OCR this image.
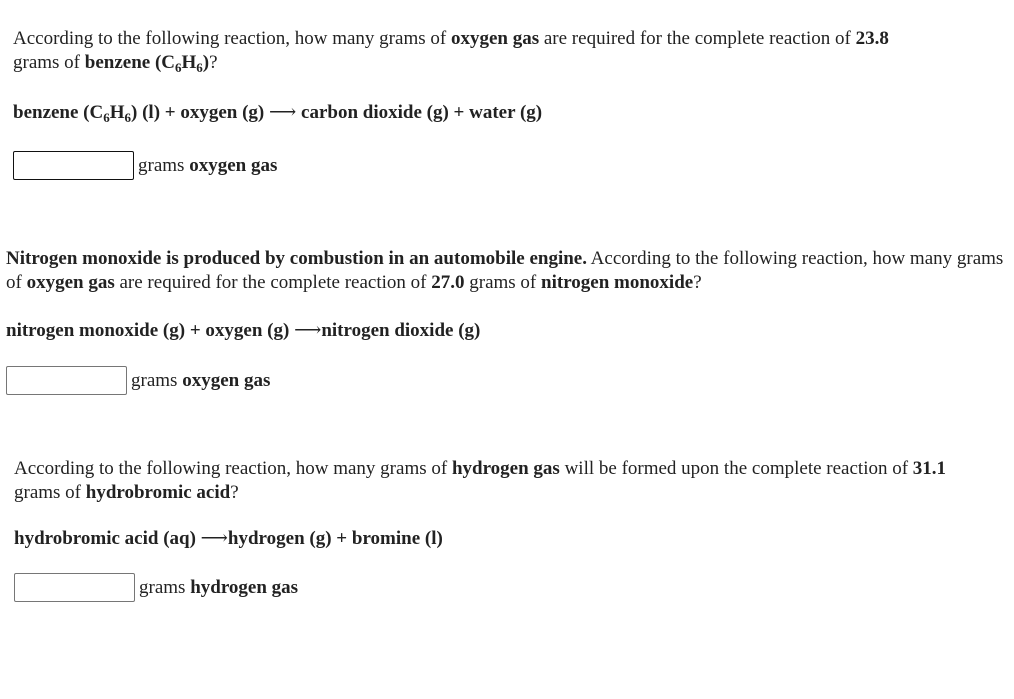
According to the following reaction, how many grams of oxygen gas are required for the complete reaction of 23.8
grams of benzene $(C_6H_6)$?

benzene $(C_6H_6) (l)$ + oxygen (g) ⟶ carbon dioxide (g) + water (g)

grams oxygen gas

Nitrogen monoxide is produced by combustion in an automobile engine. According to the following reaction, how many grams of oxygen gas are required for the complete reaction of 27.0 grams of nitrogen monoxide?

nitrogen monoxide (g) + oxygen (g) ⟶nitrogen dioxide (g)

grams oxygen gas

According to the following reaction, how many grams of hydrogen gas will be formed upon the complete reaction of 31.1
grams of hydrobromic acid?

hydrobromic acid (aq) ⟶hydrogen (g) + bromine (l)

grams hydrogen gas
